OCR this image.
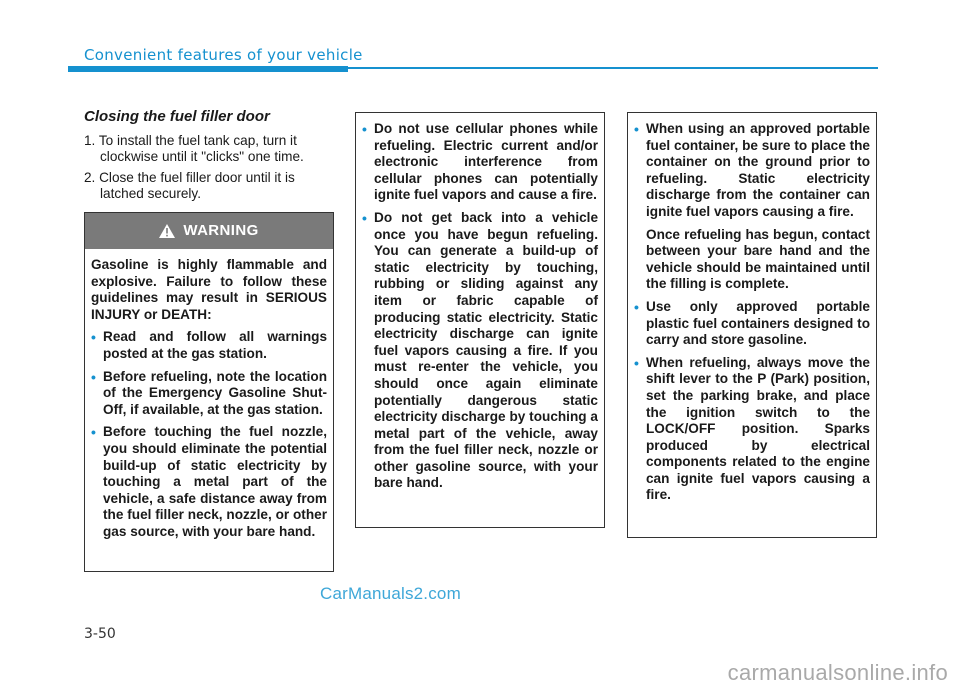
Convenient features of your vehicle
Closing the fuel filler door
1. To install the fuel tank cap, turn it clockwise until it "clicks" one time.
2. Close the fuel filler door until it is latched securely.
WARNING

Gasoline is highly flammable and explosive. Failure to follow these guidelines may result in SERIOUS INJURY or DEATH:

• Read and follow all warnings posted at the gas station.
• Before refueling, note the location of the Emergency Gasoline Shut-Off, if available, at the gas station.
• Before touching the fuel nozzle, you should eliminate the potential build-up of static electricity by touching a metal part of the vehicle, a safe distance away from the fuel filler neck, nozzle, or other gas source, with your bare hand.
• Do not use cellular phones while refueling. Electric current and/or electronic interference from cellular phones can potentially ignite fuel vapors and cause a fire.
• Do not get back into a vehicle once you have begun refueling. You can generate a build-up of static electricity by touching, rubbing or sliding against any item or fabric capable of producing static electricity. Static electricity discharge can ignite fuel vapors causing a fire. If you must re-enter the vehicle, you should once again eliminate potentially dangerous static electricity discharge by touching a metal part of the vehicle, away from the fuel filler neck, nozzle or other gasoline source, with your bare hand.
• When using an approved portable fuel container, be sure to place the container on the ground prior to refueling. Static electricity discharge from the container can ignite fuel vapors causing a fire.

Once refueling has begun, contact between your bare hand and the vehicle should be maintained until the filling is complete.

• Use only approved portable plastic fuel containers designed to carry and store gasoline.
• When refueling, always move the shift lever to the P (Park) position, set the parking brake, and place the ignition switch to the LOCK/OFF position. Sparks produced by electrical components related to the engine can ignite fuel vapors causing a fire.
CarManuals2.com
3-50
carmanualsonline.info
